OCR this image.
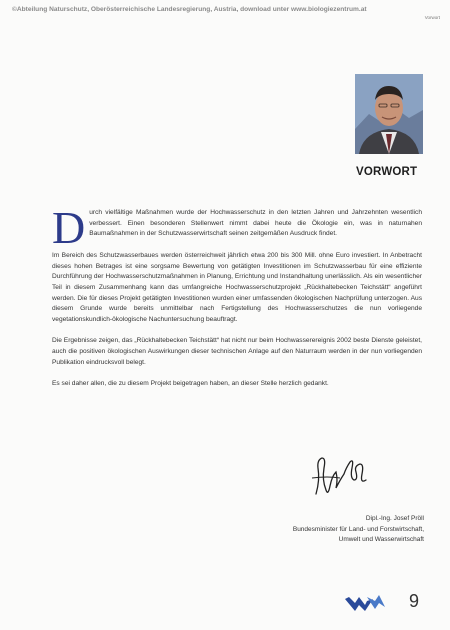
©Abteilung Naturschutz, Oberösterreichische Landesregierung, Austria, download unter www.biologiezentrum.at
Vorwort
VORWORT

Durch vielfältige Maßnahmen wurde der Hochwasserschutz in den letzten Jahren und Jahrzehnten wesentlich verbessert. Einen besonderen Stellenwert nimmt dabei heute die Ökologie ein, was in naturnahen Baumaßnahmen in der Schutzwasserwirtschaft seinen zeitgemäßen Ausdruck findet.

Im Bereich des Schutzwasserbaues werden österreichweit jährlich etwa 200 bis 300 Mill. ohne Euro investiert. In Anbetracht dieses hohen Betrages ist eine sorgsame Bewertung von getätigten Investitionen im Schutzwasserbau für eine effiziente Durchführung der Hochwasserschutzmaßnahmen in Planung, Errichtung und Instandhaltung unerlässlich. Als ein wesentlicher Teil in diesem Zusammenhang kann das umfangreiche Hochwasserschutzprojekt „Rückhaltebecken Teichstätt“ angeführt werden. Die für dieses Projekt getätigten Investitionen wurden einer umfassenden ökologischen Nachprüfung unterzogen. Aus diesem Grunde wurde bereits unmittelbar nach Fertigstellung des Hochwasserschutzes die nun vorliegende vegetationskundlich-ökologische Nachuntersuchung beauftragt.

Die Ergebnisse zeigen, das „Rückhaltebecken Teichstätt“ hat nicht nur beim Hochwasserereignis 2002 beste Dienste geleistet, auch die positiven ökologischen Auswirkungen dieser technischen Anlage auf den Naturraum werden in der nun vorliegenden Publikation eindrucksvoll belegt.

Es sei daher allen, die zu diesem Projekt beigetragen haben, an dieser Stelle herzlich gedankt.

Dipl.-Ing. Josef Pröll
Bundesminister für Land- und Forstwirtschaft,
Umwelt und Wasserwirtschaft
9
